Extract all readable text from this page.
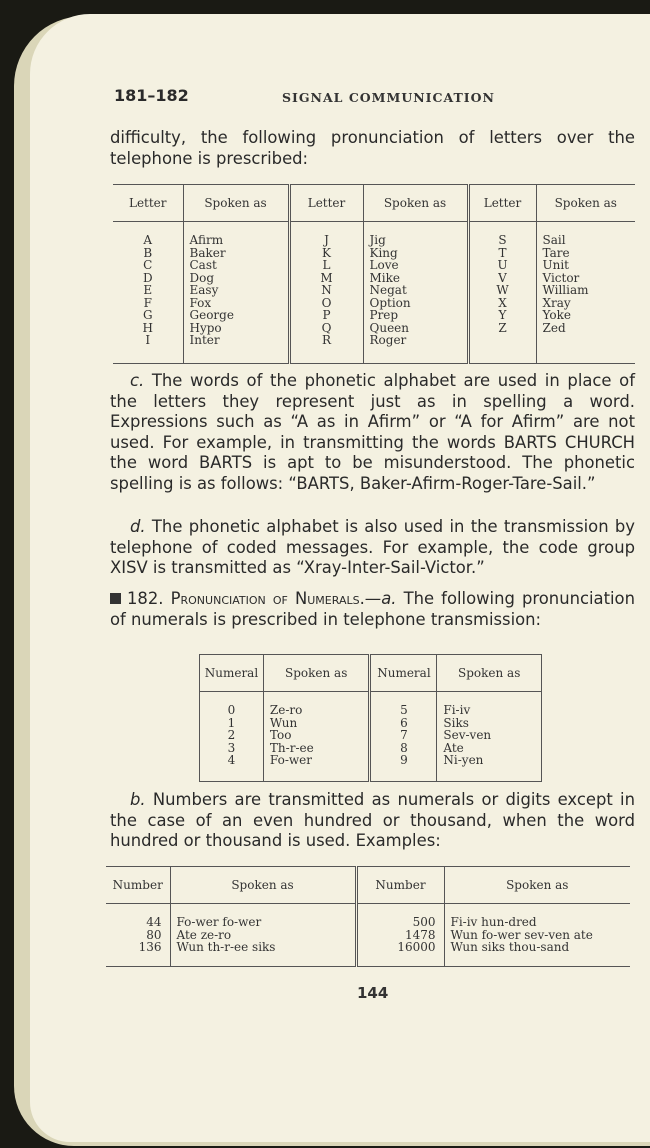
181–182	SIGNAL COMMUNICATION
difficulty, the following pronunciation of letters over the telephone is prescribed:
Letter	Spoken as	Letter	Spoken as	Letter	Spoken as
A	Afirm	J	Jig	S	Sail
B	Baker	K	King	T	Tare
C	Cast	L	Love	U	Unit
D	Dog	M	Mike	V	Victor
E	Easy	N	Negat	W	William
F	Fox	O	Option	X	Xray
G	George	P	Prep	Y	Yoke
H	Hypo	Q	Queen	Z	Zed
I	Inter	R	Roger		
c. The words of the phonetic alphabet are used in place of the letters they represent just as in spelling a word. Expressions such as “A as in Afirm” or “A for Afirm” are not used. For example, in transmitting the words BARTS CHURCH the word BARTS is apt to be misunderstood. The phonetic spelling is as follows: “BARTS, Baker-Afirm-Roger-Tare-Sail.”
d. The phonetic alphabet is also used in the transmission by telephone of coded messages. For example, the code group XISV is transmitted as “Xray-Inter-Sail-Victor.”
182. Pronunciation of Numerals.—a. The following pronunciation of numerals is prescribed in telephone transmission:
Numeral	Spoken as	Numeral	Spoken as
0	Ze-ro	5	Fi-iv
1	Wun	6	Siks
2	Too	7	Sev-ven
3	Th-r-ee	8	Ate
4	Fo-wer	9	Ni-yen
b. Numbers are transmitted as numerals or digits except in the case of an even hundred or thousand, when the word hundred or thousand is used. Examples:
Number	Spoken as	Number	Spoken as
44	Fo-wer fo-wer	500	Fi-iv hun-dred
80	Ate ze-ro	1478	Wun fo-wer sev-ven ate
136	Wun th-r-ee siks	16000	Wun siks thou-sand
144
